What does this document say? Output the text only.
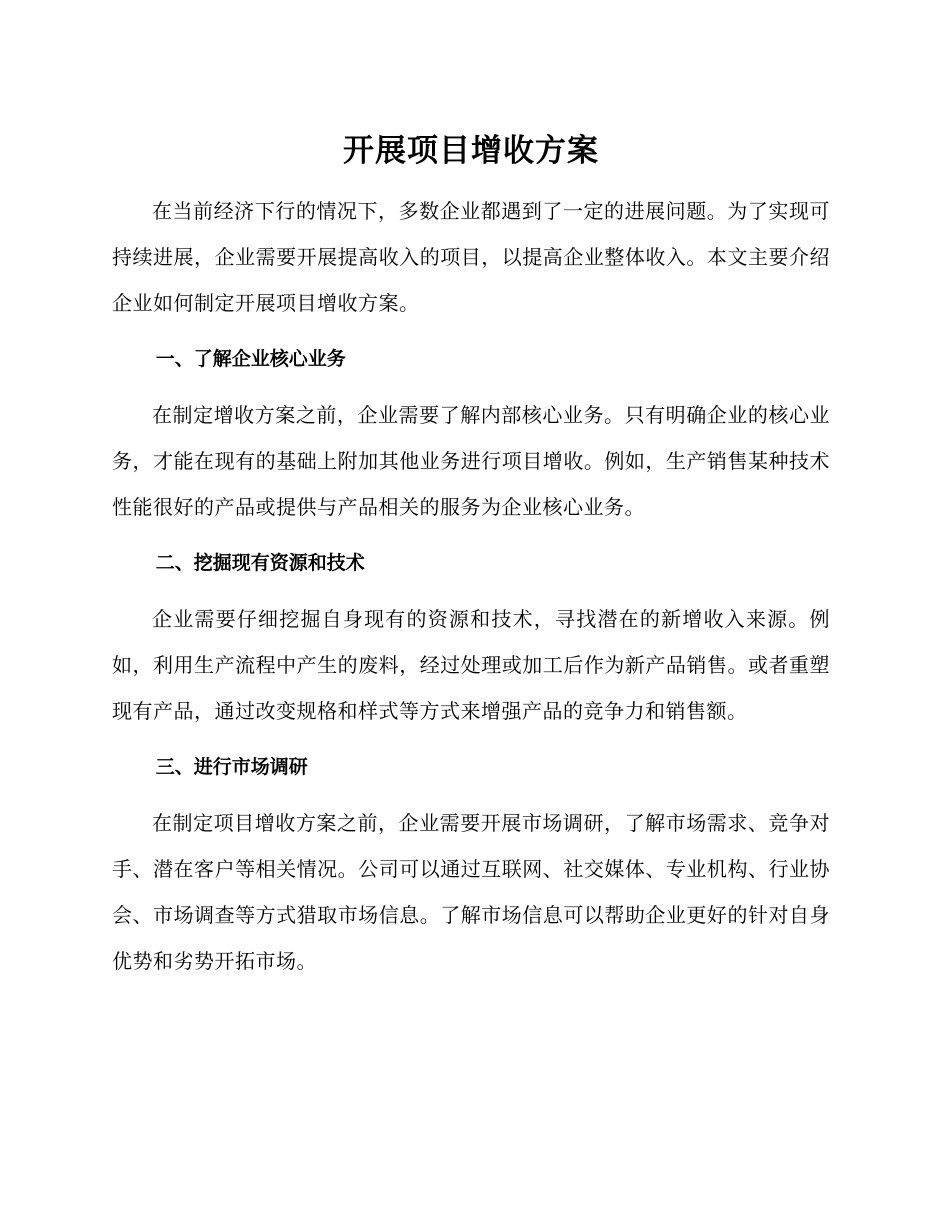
开展项目增收方案

在当前经济下行的情况下，多数企业都遇到了一定的进展问题。为了实现可持续进展，企业需要开展提高收入的项目，以提高企业整体收入。本文主要介绍企业如何制定开展项目增收方案。

一、了解企业核心业务

在制定增收方案之前，企业需要了解内部核心业务。只有明确企业的核心业务，才能在现有的基础上附加其他业务进行项目增收。例如，生产销售某种技术性能很好的产品或提供与产品相关的服务为企业核心业务。

二、挖掘现有资源和技术

企业需要仔细挖掘自身现有的资源和技术，寻找潜在的新增收入来源。例如，利用生产流程中产生的废料，经过处理或加工后作为新产品销售。或者重塑现有产品，通过改变规格和样式等方式来增强产品的竞争力和销售额。

三、进行市场调研

在制定项目增收方案之前，企业需要开展市场调研，了解市场需求、竞争对手、潜在客户等相关情况。公司可以通过互联网、社交媒体、专业机构、行业协会、市场调查等方式猎取市场信息。了解市场信息可以帮助企业更好的针对自身优势和劣势开拓市场。
